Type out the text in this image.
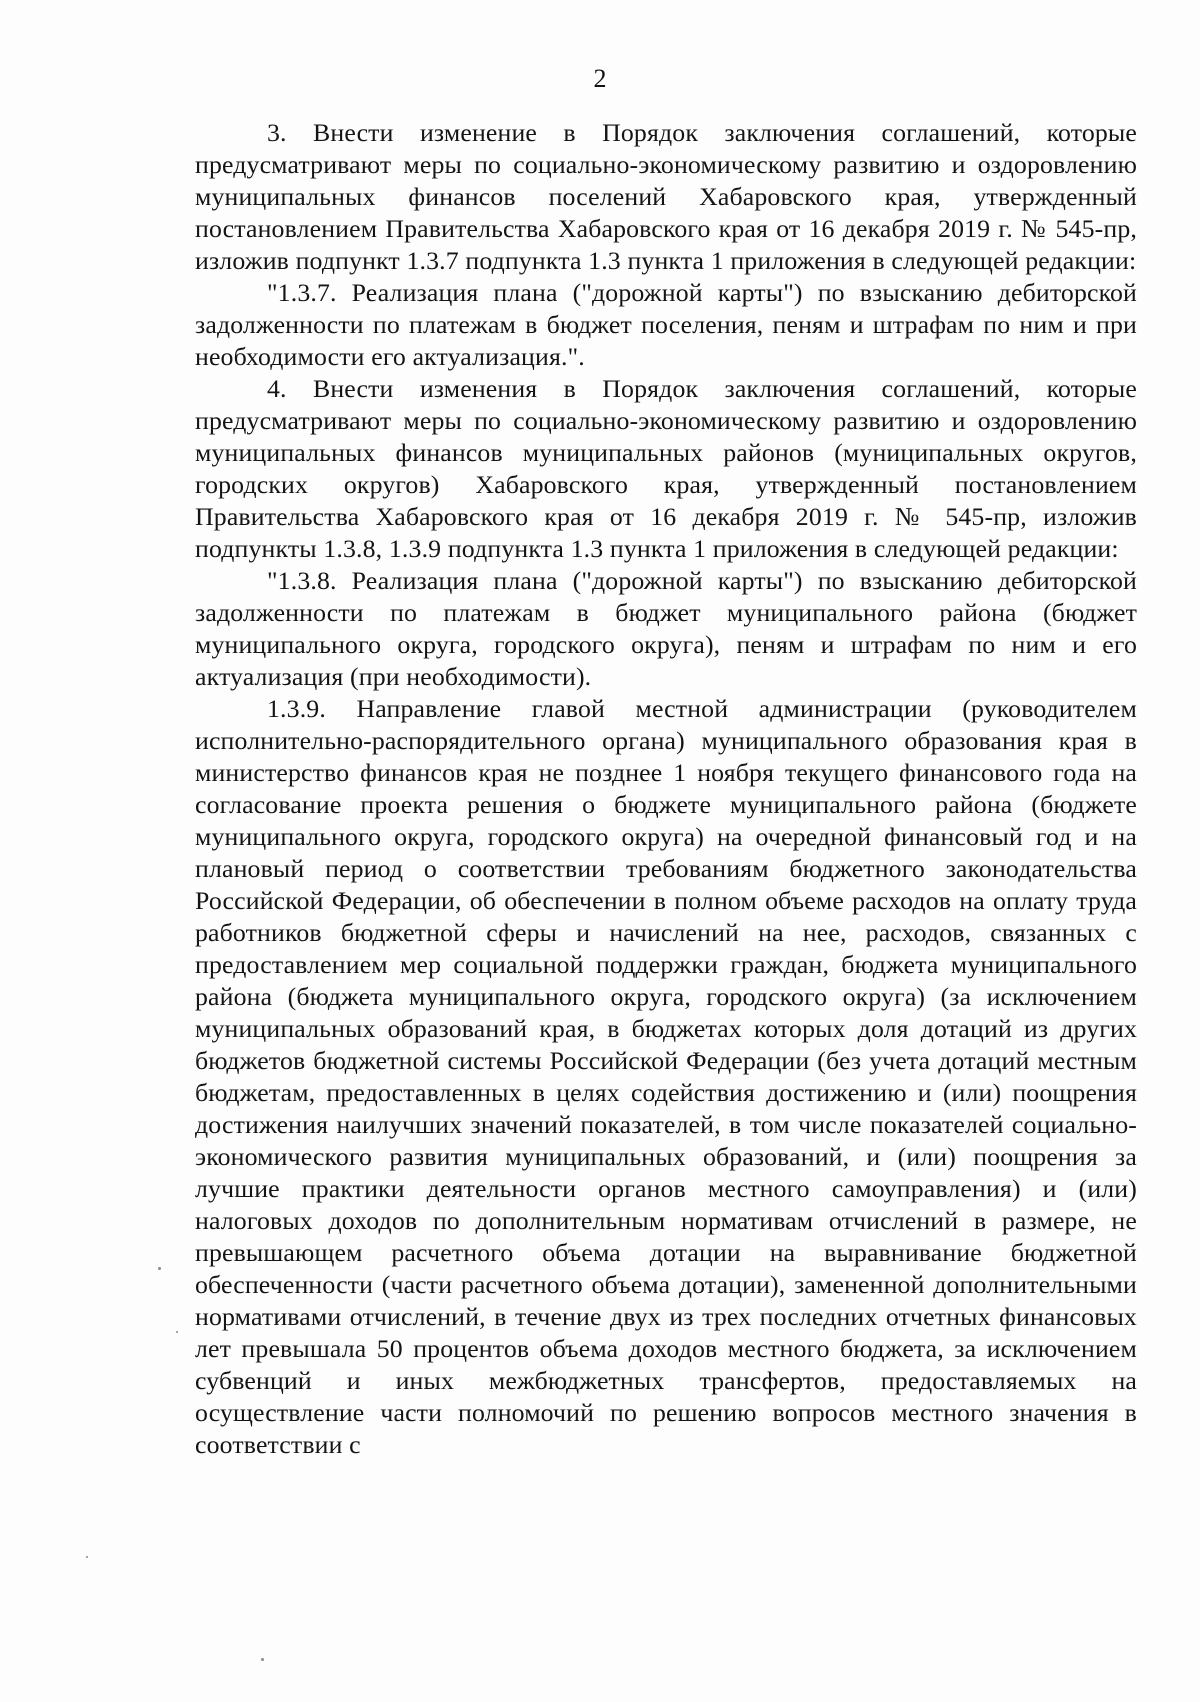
2

3. Внести изменение в Порядок заключения соглашений, которые предусматривают меры по социально-экономическому развитию и оздоровлению муниципальных финансов поселений Хабаровского края, утвержденный постановлением Правительства Хабаровского края от 16 декабря 2019 г. № 545-пр, изложив подпункт 1.3.7 подпункта 1.3 пункта 1 приложения в следующей редакции:

"1.3.7. Реализация плана ("дорожной карты") по взысканию дебиторской задолженности по платежам в бюджет поселения, пеням и штрафам по ним и при необходимости его актуализация.".

4. Внести изменения в Порядок заключения соглашений, которые предусматривают меры по социально-экономическому развитию и оздоровлению муниципальных финансов муниципальных районов (муниципальных округов, городских округов) Хабаровского края, утвержденный постановлением Правительства Хабаровского края от 16 декабря 2019 г. № 545-пр, изложив подпункты 1.3.8, 1.3.9 подпункта 1.3 пункта 1 приложения в следующей редакции:

"1.3.8. Реализация плана ("дорожной карты") по взысканию дебиторской задолженности по платежам в бюджет муниципального района (бюджет муниципального округа, городского округа), пеням и штрафам по ним и его актуализация (при необходимости).

1.3.9. Направление главой местной администрации (руководителем исполнительно-распорядительного органа) муниципального образования края в министерство финансов края не позднее 1 ноября текущего финансового года на согласование проекта решения о бюджете муниципального района (бюджете муниципального округа, городского округа) на очередной финансовый год и на плановый период о соответствии требованиям бюджетного законодательства Российской Федерации, об обеспечении в полном объеме расходов на оплату труда работников бюджетной сферы и начислений на нее, расходов, связанных с предоставлением мер социальной поддержки граждан, бюджета муниципального района (бюджета муниципального округа, городского округа) (за исключением муниципальных образований края, в бюджетах которых доля дотаций из других бюджетов бюджетной системы Российской Федерации (без учета дотаций местным бюджетам, предоставленных в целях содействия достижению и (или) поощрения достижения наилучших значений показателей, в том числе показателей социально-экономического развития муниципальных образований, и (или) поощрения за лучшие практики деятельности органов местного самоуправления) и (или) налоговых доходов по дополнительным нормативам отчислений в размере, не превышающем расчетного объема дотации на выравнивание бюджетной обеспеченности (части расчетного объема дотации), замененной дополнительными нормативами отчислений, в течение двух из трех последних отчетных финансовых лет превышала 50 процентов объема доходов местного бюджета, за исключением субвенций и иных межбюджетных трансфертов, предоставляемых на осуществление части полномочий по решению вопросов местного значения в соответствии с
